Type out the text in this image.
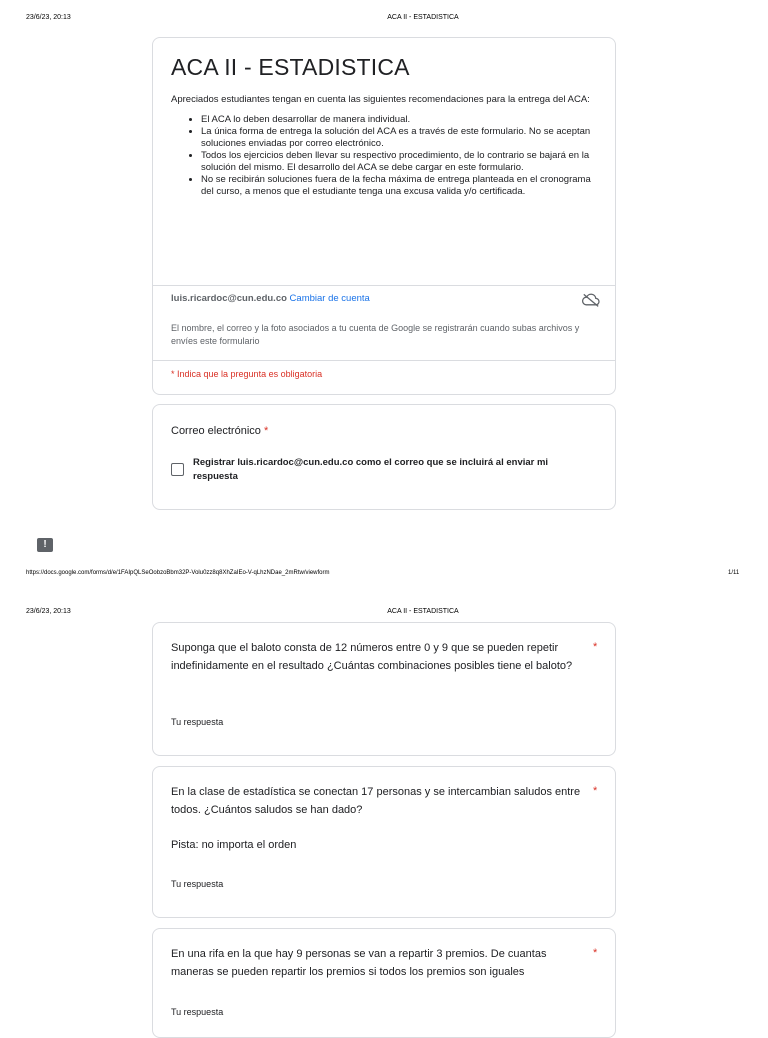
23/6/23, 20:13	ACA II - ESTADISTICA
ACA II - ESTADISTICA
Apreciados estudiantes tengan en cuenta las siguientes recomendaciones para la entrega del ACA:
• El ACA lo deben desarrollar de manera individual.
• La única forma de entrega la solución del ACA es a través de este formulario. No se aceptan soluciones enviadas por correo electrónico.
• Todos los ejercicios deben llevar su respectivo procedimiento, de lo contrario se bajará en la solución del mismo. El desarrollo del ACA se debe cargar en este formulario.
• No se recibirán soluciones fuera de la fecha máxima de entrega planteada en el cronograma del curso, a menos que el estudiante tenga una excusa valida y/o certificada.
luis.ricardoc@cun.edu.co Cambiar de cuenta
El nombre, el correo y la foto asociados a tu cuenta de Google se registrarán cuando subas archivos y envíes este formulario
* Indica que la pregunta es obligatoria
Correo electrónico *
Registrar luis.ricardoc@cun.edu.co como el correo que se incluirá al enviar mi respuesta
!
https://docs.google.com/forms/d/e/1FAIpQLSeOobzoBbm32P-Volu0zz8q8XhZaIEo-V-qLhzNDae_2mRtw/viewform	1/11
23/6/23, 20:13	ACA II - ESTADISTICA
Suponga que el baloto consta de 12 números entre 0 y 9 que se pueden repetir indefinidamente en el resultado ¿Cuántas combinaciones posibles tiene el baloto?
*
Tu respuesta
En la clase de estadística se conectan 17 personas y se intercambian saludos entre todos. ¿Cuántos saludos se han dado?
*
Pista: no importa el orden
Tu respuesta
En una rifa en la que hay 9 personas se van a repartir 3 premios. De cuantas maneras se pueden repartir los premios si todos los premios son iguales
*
Tu respuesta
